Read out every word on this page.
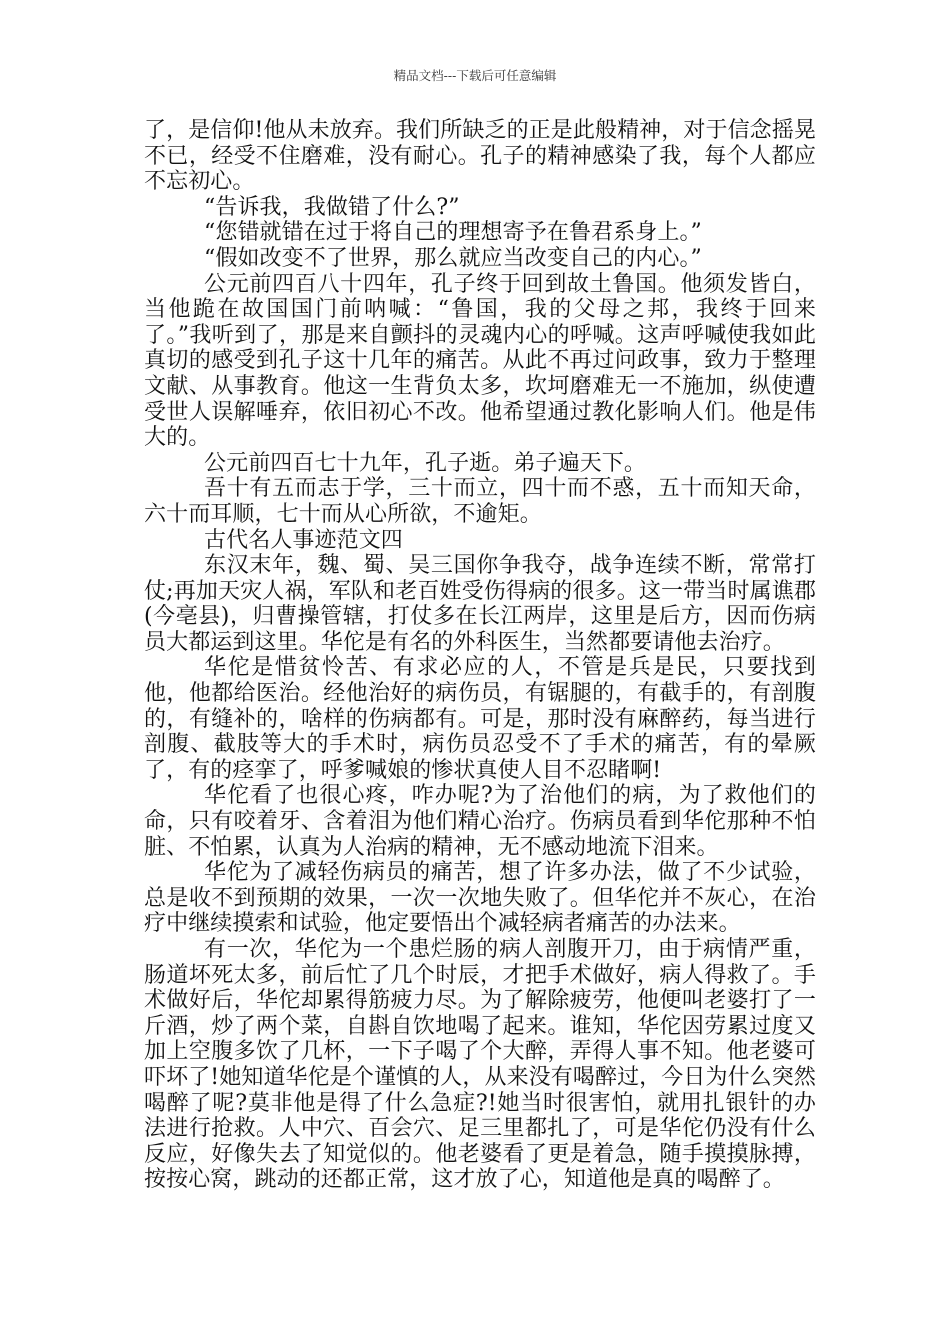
精品文档---下载后可任意编辑

了，是信仰!他从未放弃。我们所缺乏的正是此般精神，对于信念摇晃不已，经受不住磨难，没有耐心。孔子的精神感染了我，每个人都应不忘初心。

“告诉我，我做错了什么?”

“您错就错在过于将自己的理想寄予在鲁君系身上。”

“假如改变不了世界，那么就应当改变自己的内心。”

公元前四百八十四年，孔子终于回到故土鲁国。他须发皆白，当他跪在故国国门前呐喊：“鲁国，我的父母之邦，我终于回来了。”我听到了，那是来自颤抖的灵魂内心的呼喊。这声呼喊使我如此真切的感受到孔子这十几年的痛苦。从此不再过问政事，致力于整理文献、从事教育。他这一生背负太多，坎坷磨难无一不施加，纵使遭受世人误解唾弃，依旧初心不改。他希望通过教化影响人们。他是伟大的。

公元前四百七十九年，孔子逝。弟子遍天下。

吾十有五而志于学，三十而立，四十而不惑，五十而知天命，六十而耳顺，七十而从心所欲，不逾矩。

古代名人事迹范文四

东汉末年，魏、蜀、吴三国你争我夺，战争连续不断，常常打仗;再加天灾人祸，军队和老百姓受伤得病的很多。这一带当时属谯郡(今亳县)，归曹操管辖，打仗多在长江两岸，这里是后方，因而伤病员大都运到这里。华佗是有名的外科医生，当然都要请他去治疗。

华佗是惜贫怜苦、有求必应的人，不管是兵是民，只要找到他，他都给医治。经他治好的病伤员，有锯腿的，有截手的，有剖腹的，有缝补的，啥样的伤病都有。可是，那时没有麻醉药，每当进行剖腹、截肢等大的手术时，病伤员忍受不了手术的痛苦，有的晕厥了，有的痉挛了，呼爹喊娘的惨状真使人目不忍睹啊!

华佗看了也很心疼，咋办呢?为了治他们的病，为了救他们的命，只有咬着牙、含着泪为他们精心治疗。伤病员看到华佗那种不怕脏、不怕累，认真为人治病的精神，无不感动地流下泪来。

华佗为了减轻伤病员的痛苦，想了许多办法，做了不少试验，总是收不到预期的效果，一次一次地失败了。但华佗并不灰心，在治疗中继续摸索和试验，他定要悟出个减轻病者痛苦的办法来。

有一次，华佗为一个患烂肠的病人剖腹开刀，由于病情严重，肠道坏死太多，前后忙了几个时辰，才把手术做好，病人得救了。手术做好后，华佗却累得筋疲力尽。为了解除疲劳，他便叫老婆打了一斤酒，炒了两个菜，自斟自饮地喝了起来。谁知，华佗因劳累过度又加上空腹多饮了几杯，一下子喝了个大醉，弄得人事不知。他老婆可吓坏了!她知道华佗是个谨慎的人，从来没有喝醉过，今日为什么突然喝醉了呢?莫非他是得了什么急症?!她当时很害怕，就用扎银针的办法进行抢救。人中穴、百会穴、足三里都扎了，可是华佗仍没有什么反应，好像失去了知觉似的。他老婆看了更是着急，随手摸摸脉搏，按按心窝，跳动的还都正常，这才放了心，知道他是真的喝醉了。
